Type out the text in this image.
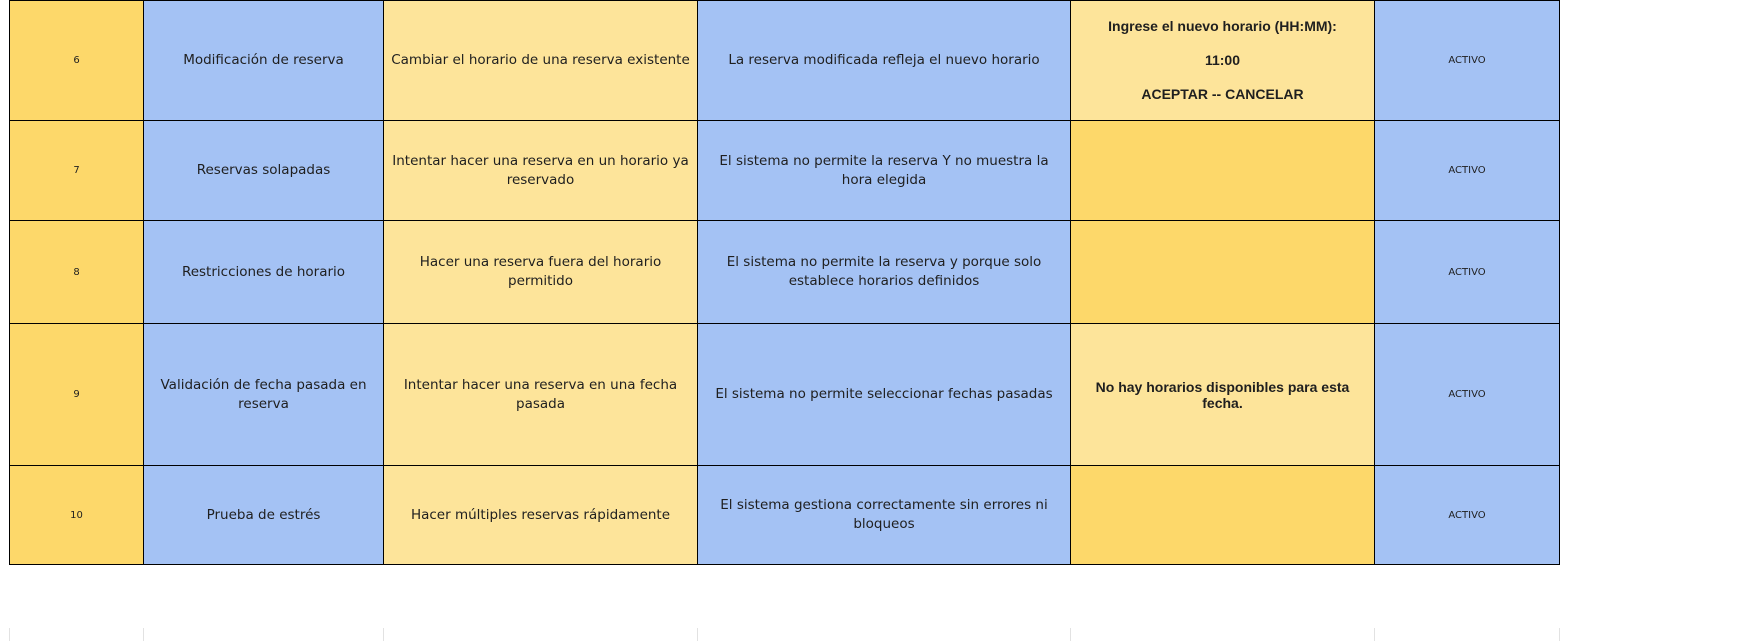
6	Modificación de reserva	Cambiar el horario de una reserva existente	La reserva modificada refleja el nuevo horario	Ingrese el nuevo horario (HH:MM):
11:00
ACEPTAR -- CANCELAR	ACTIVO
7	Reservas solapadas	Intentar hacer una reserva en un horario ya reservado	El sistema no permite la reserva Y no muestra la hora elegida		ACTIVO
8	Restricciones de horario	Hacer una reserva fuera del horario permitido	El sistema no permite la reserva y porque solo establece horarios definidos		ACTIVO
9	Validación de fecha pasada en reserva	Intentar hacer una reserva en una fecha pasada	El sistema no permite seleccionar fechas pasadas	No hay horarios disponibles para esta fecha.	ACTIVO
10	Prueba de estrés	Hacer múltiples reservas rápidamente	El sistema gestiona correctamente sin errores ni bloqueos		ACTIVO
